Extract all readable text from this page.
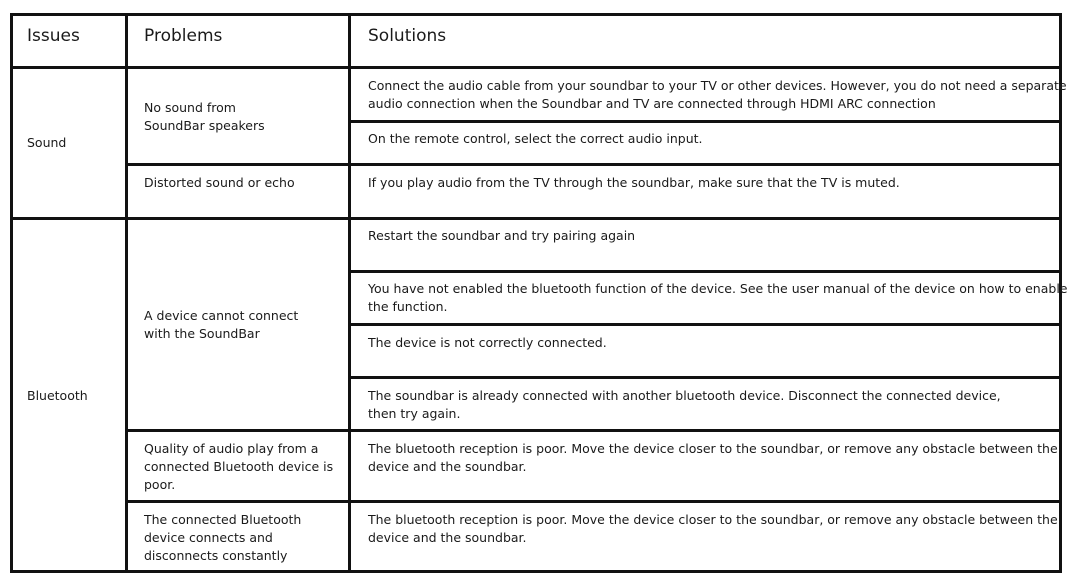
Issues	Problems	Solutions
Sound
Bluetooth
No sound from
SoundBar speakers
Distorted sound or echo
A device cannot connect
with the SoundBar
Quality of audio play from a
connected Bluetooth device is
poor.
The connected Bluetooth
device connects and
disconnects constantly
Connect the audio cable from your soundbar to your TV or other devices. However, you do not need a separate
audio connection when the Soundbar and TV are connected through HDMI ARC connection
On the remote control, select the correct audio input.
If you play audio from the TV through the soundbar, make sure that the TV is muted.
Restart the soundbar and try pairing again
You have not enabled the bluetooth function of the device. See the user manual of the device on how to enable
the function.
The device is not correctly connected.
The soundbar is already connected with another bluetooth device. Disconnect the connected device,
then try again.
The bluetooth reception is poor. Move the device closer to the soundbar, or remove any obstacle between the
device and the soundbar.
The bluetooth reception is poor. Move the device closer to the soundbar, or remove any obstacle between the
device and the soundbar.
